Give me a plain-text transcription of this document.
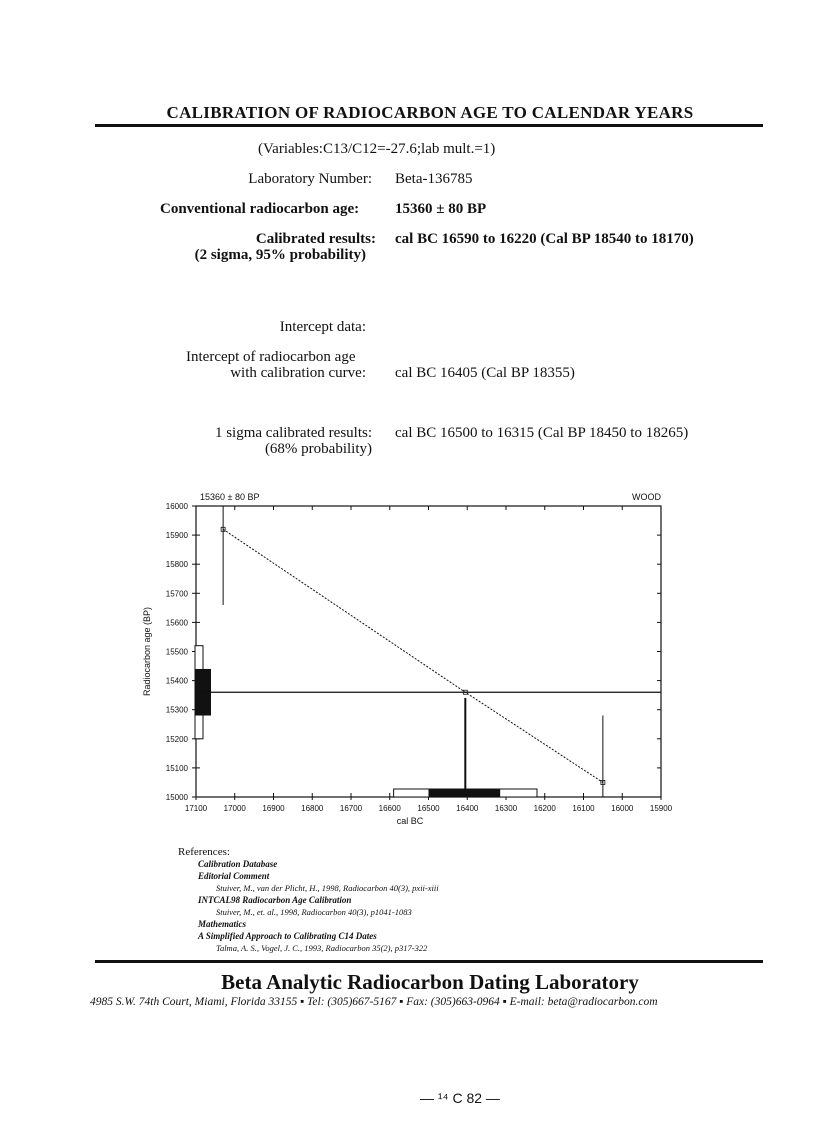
CALIBRATION OF RADIOCARBON AGE TO CALENDAR YEARS
(Variables:C13/C12=-27.6;lab mult.=1)
Laboratory Number: Beta-136785
Conventional radiocarbon age: 15360 ± 80 BP
Calibrated results:
(2 sigma, 95% probability)
cal BC 16590 to 16220 (Cal BP 18540 to 18170)
Intercept data:
Intercept of radiocarbon age
with calibration curve: cal BC 16405 (Cal BP 18355)
1 sigma calibrated results:
(68% probability)
cal BC 16500 to 16315 (Cal BP 18450 to 18265)
16000
15900
15800
15700
15600
15500
15400
15300
15200
15100
15000
17100 17000 16900 16800 16700 16600 16500 16400 16300 16200 16100 16000 15900
15360 ± 80 BP	WOOD
cal BC
Radiocarbon age (BP)
References:
Calibration Database
Editorial Comment
Stuiver, M., van der Plicht, H., 1998, Radiocarbon 40(3), pxii-xiii
INTCAL98 Radiocarbon Age Calibration
Stuiver, M., et. al., 1998, Radiocarbon 40(3), p1041-1083
Mathematics
A Simplified Approach to Calibrating C14 Dates
Talma, A. S., Vogel, J. C., 1993, Radiocarbon 35(2), p317-322
Beta Analytic Radiocarbon Dating Laboratory
4985 S.W. 74th Court, Miami, Florida 33155 ▪ Tel: (305)667-5167 ▪ Fax: (305)663-0964 ▪ E-mail: beta@radiocarbon.com
— ¹⁴ C 82 —
